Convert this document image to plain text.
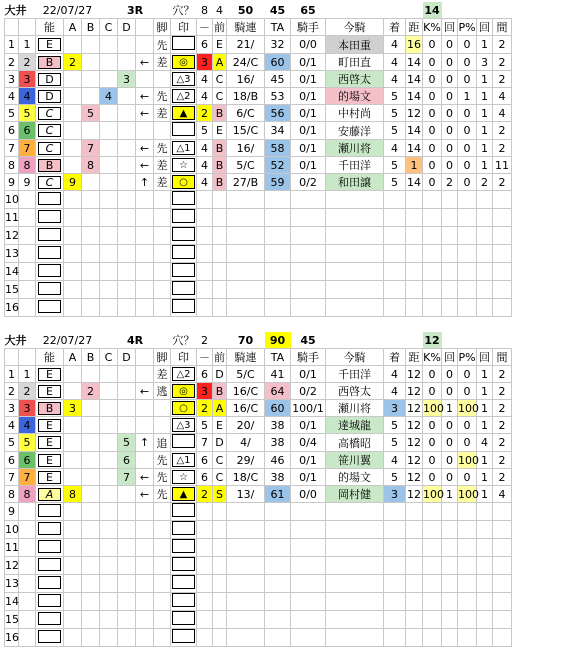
大井		22/07/27			3R				穴？	8	4	50	45	65				14				
		能	A	B	C	D		脚	印	－	前	騎連	TA	騎手	今騎	着	距	K%	回	P%	回	間
1	1	E						先		6	E	21/	32	0/0	本田重	4	16	0	0	0	1	2
2	2	B	2				←	差	◎	3	A	24/C	60	0/1	町田直	4	14	0	0	0	3	2
3	3	D				3			△3	4	C	16/	45	0/1	西啓太	4	14	0	0	0	1	2
4	4	D			4		←	先	△2	4	C	18/B	53	0/1	的場文	5	14	0	0	1	1	4
5	5	C		5			←	差	▲	2	B	6/C	56	0/1	中村尚	5	12	0	0	0	1	4
6	6	C								5	E	15/C	34	0/1	安藤洋	5	14	0	0	0	1	2
7	7	C		7			←	先	△1	4	B	16/	58	0/1	瀬川将	4	14	0	0	0	1	2
8	8	B		8			←	差	☆	4	B	5/C	52	0/1	千田洋	5	1	0	0	0	1	11
9	9	C	9				↑	差	○	4	B	27/B	59	0/2	和田譲	5	14	0	2	0	2	2
10																						
11																						
12																						
13																						
14																						
15																						
16																						
大井		22/07/27			4R				穴？	2		70	90	45				12				
		能	A	B	C	D		脚	印	－	前	騎連	TA	騎手	今騎	着	距	K%	回	P%	回	間
1	1	E						差	△2	6	D	5/C	41	0/1	千田洋	4	12	0	0	0	1	2
2	2	E		2			←	逃	◎	3	B	16/C	64	0/2	西啓太	4	12	0	0	0	1	2
3	3	B	3						○	2	A	16/C	60	100/1	瀬川将	3	12	100	1	100	1	2
4	4	E							△3	5	E	20/	38	0/1	達城龍	5	12	0	0	0	1	2
5	5	E				5	↑	追		7	D	4/	38	0/4	高橋昭	5	12	0	0	0	4	2
6	6	E				6		先	△1	6	C	29/	46	0/1	笹川翼	4	12	0	0	100	1	2
7	7	E				7	←	先	☆	6	C	18/C	38	0/1	的場文	5	12	0	0	0	1	2
8	8	A	8				←	先	▲	2	S	13/	61	0/0	岡村健	3	12	100	1	100	1	4
9																						
10																						
11																						
12																						
13																						
14																						
15																						
16																						
